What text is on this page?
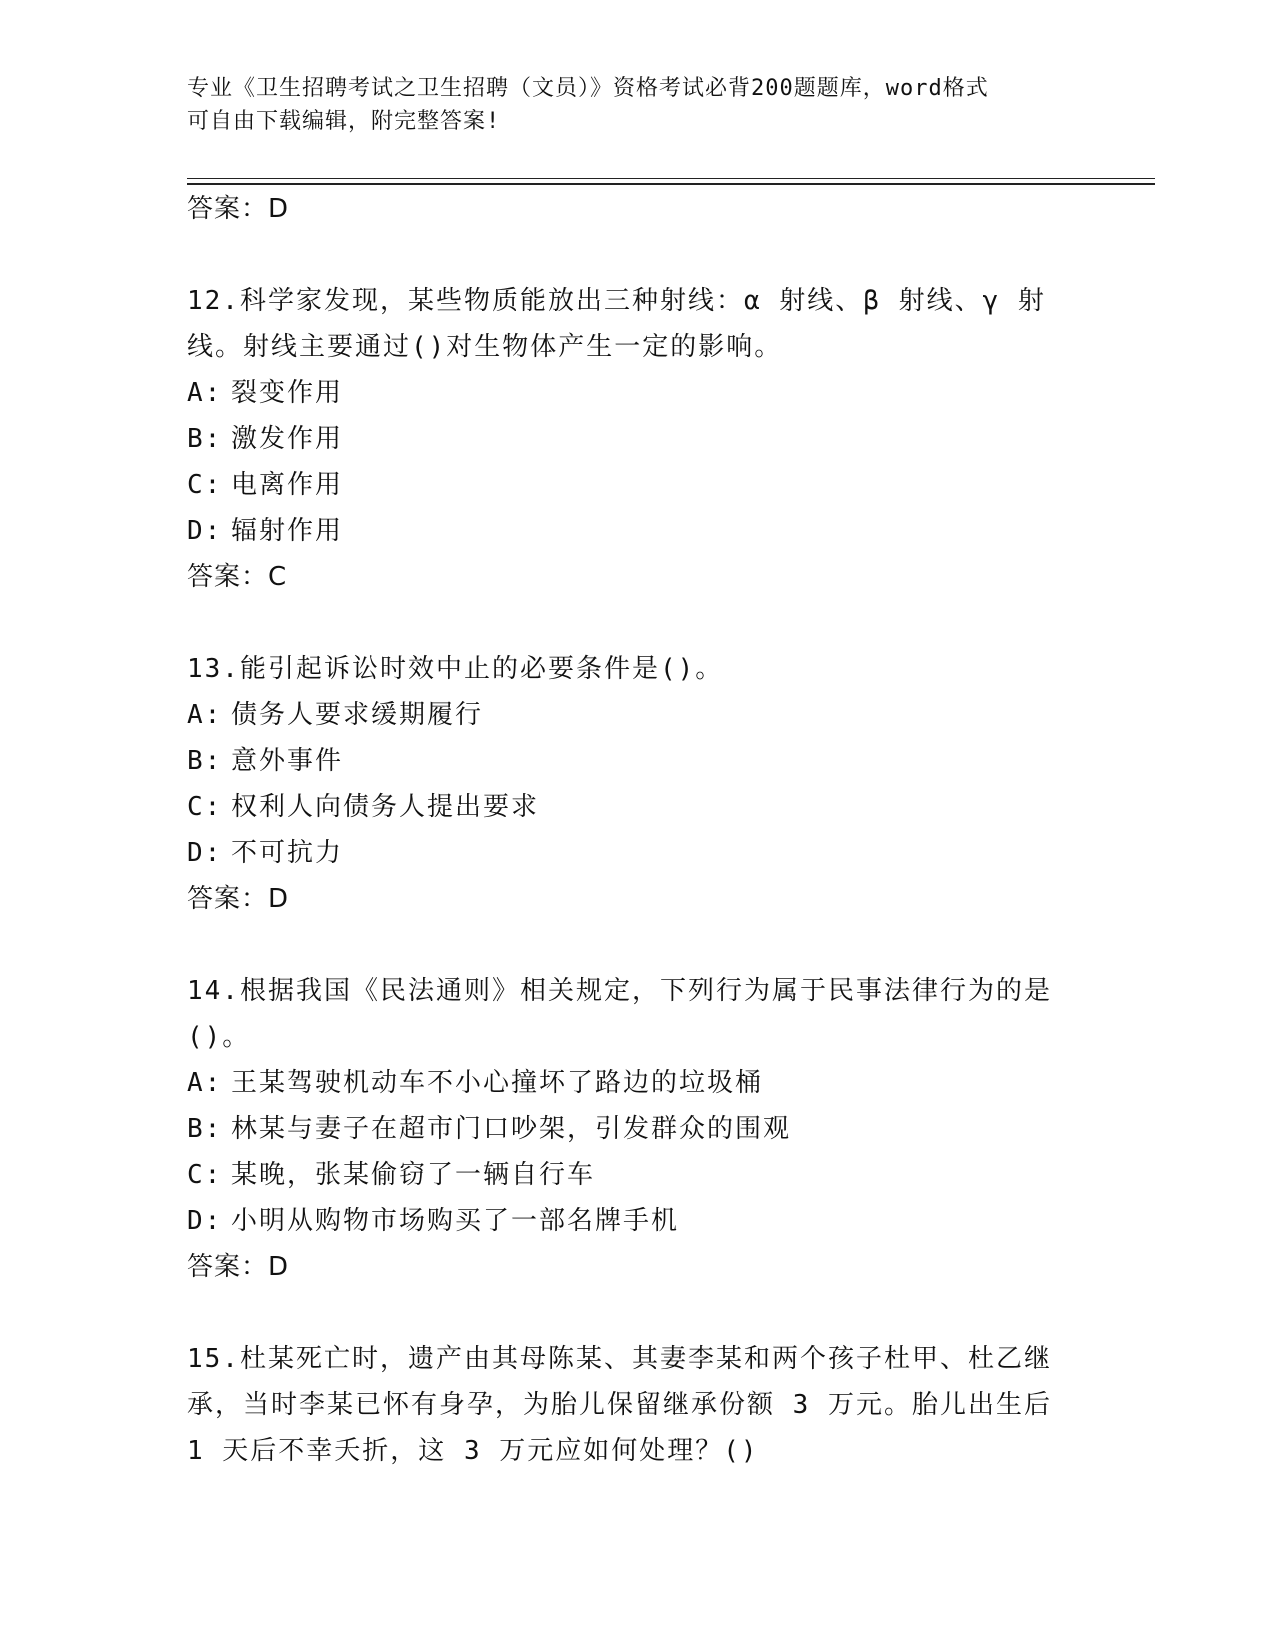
专业《卫生招聘考试之卫生招聘（文员）》资格考试必背200题题库，word格式
可自由下载编辑，附完整答案!
答案：D
12.科学家发现，某些物质能放出三种射线：α 射线、β 射线、γ 射
线。射线主要通过()对生物体产生一定的影响。
A: 裂变作用
B: 激发作用
C: 电离作用
D: 辐射作用
答案：C
13.能引起诉讼时效中止的必要条件是()。
A: 债务人要求缓期履行
B: 意外事件
C: 权利人向债务人提出要求
D: 不可抗力
答案：D
14.根据我国《民法通则》相关规定，下列行为属于民事法律行为的是
()。
A: 王某驾驶机动车不小心撞坏了路边的垃圾桶
B: 林某与妻子在超市门口吵架，引发群众的围观
C: 某晚，张某偷窃了一辆自行车
D: 小明从购物市场购买了一部名牌手机
答案：D
15.杜某死亡时，遗产由其母陈某、其妻李某和两个孩子杜甲、杜乙继
承，当时李某已怀有身孕，为胎儿保留继承份额 3 万元。胎儿出生后
1 天后不幸夭折，这 3 万元应如何处理？()
